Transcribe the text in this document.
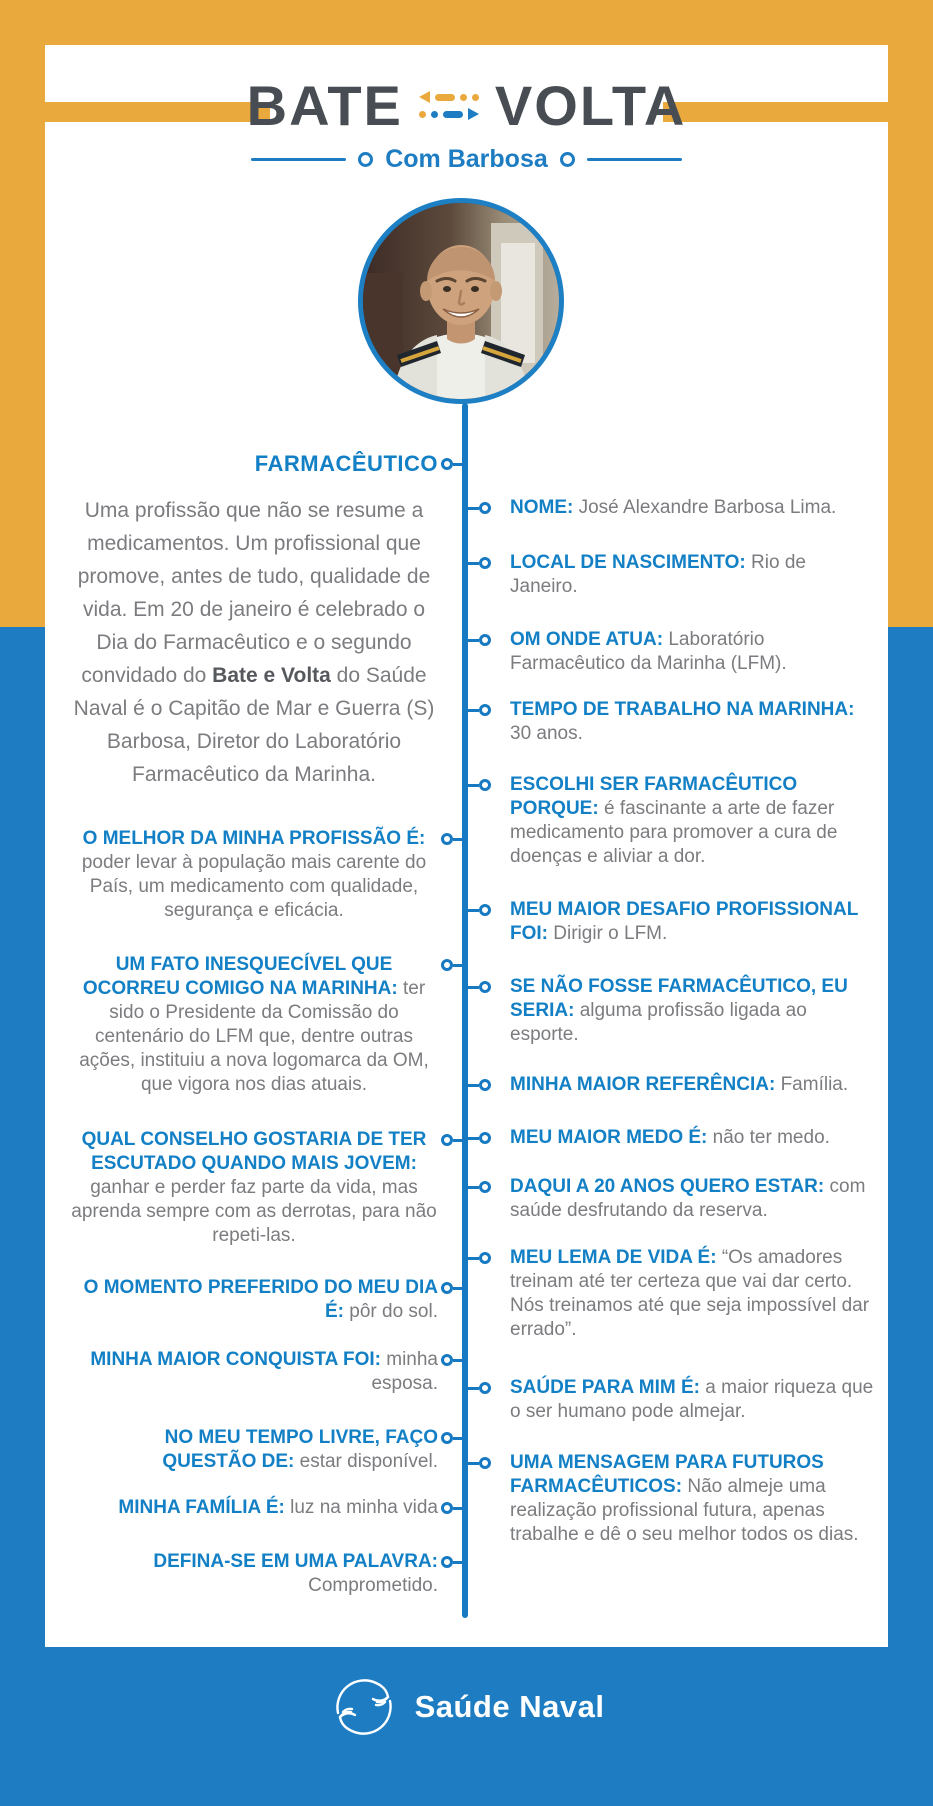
BATE VOLTA
Com Barbosa
FARMACÊUTICO
Uma profissão que não se resume a medicamentos. Um profissional que promove, antes de tudo, qualidade de vida. Em 20 de janeiro é celebrado o Dia do Farmacêutico e o segundo convidado do Bate e Volta do Saúde Naval é o Capitão de Mar e Guerra (S) Barbosa, Diretor do Laboratório Farmacêutico da Marinha.
O MELHOR DA MINHA PROFISSÃO É: poder levar à população mais carente do País, um medicamento com qualidade, segurança e eficácia.
UM FATO INESQUECÍVEL QUE OCORREU COMIGO NA MARINHA: ter sido o Presidente da Comissão do centenário do LFM que, dentre outras ações, instituiu a nova logomarca da OM, que vigora nos dias atuais.
QUAL CONSELHO GOSTARIA DE TER ESCUTADO QUANDO MAIS JOVEM: ganhar e perder faz parte da vida, mas aprenda sempre com as derrotas, para não repeti-las.
O MOMENTO PREFERIDO DO MEU DIA É: pôr do sol.
MINHA MAIOR CONQUISTA FOI: minha esposa.
NO MEU TEMPO LIVRE, FAÇO QUESTÃO DE: estar disponível.
MINHA FAMÍLIA É: luz na minha vida
DEFINA-SE EM UMA PALAVRA: Comprometido.
NOME: José Alexandre Barbosa Lima.
LOCAL DE NASCIMENTO: Rio de Janeiro.
OM ONDE ATUA: Laboratório Farmacêutico da Marinha (LFM).
TEMPO DE TRABALHO NA MARINHA: 30 anos.
ESCOLHI SER FARMACÊUTICO PORQUE: é fascinante a arte de fazer medicamento para promover a cura de doenças e aliviar a dor.
MEU MAIOR DESAFIO PROFISSIONAL FOI: Dirigir o LFM.
SE NÃO FOSSE FARMACÊUTICO, EU SERIA: alguma profissão ligada ao esporte.
MINHA MAIOR REFERÊNCIA: Família.
MEU MAIOR MEDO É: não ter medo.
DAQUI A 20 ANOS QUERO ESTAR: com saúde desfrutando da reserva.
MEU LEMA DE VIDA É: “Os amadores treinam até ter certeza que vai dar certo. Nós treinamos até que seja impossível dar errado”.
SAÚDE PARA MIM É: a maior riqueza que o ser humano pode almejar.
UMA MENSAGEM PARA FUTUROS FARMACÊUTICOS: Não almeje uma realização profissional futura, apenas trabalhe e dê o seu melhor todos os dias.
Saúde Naval
